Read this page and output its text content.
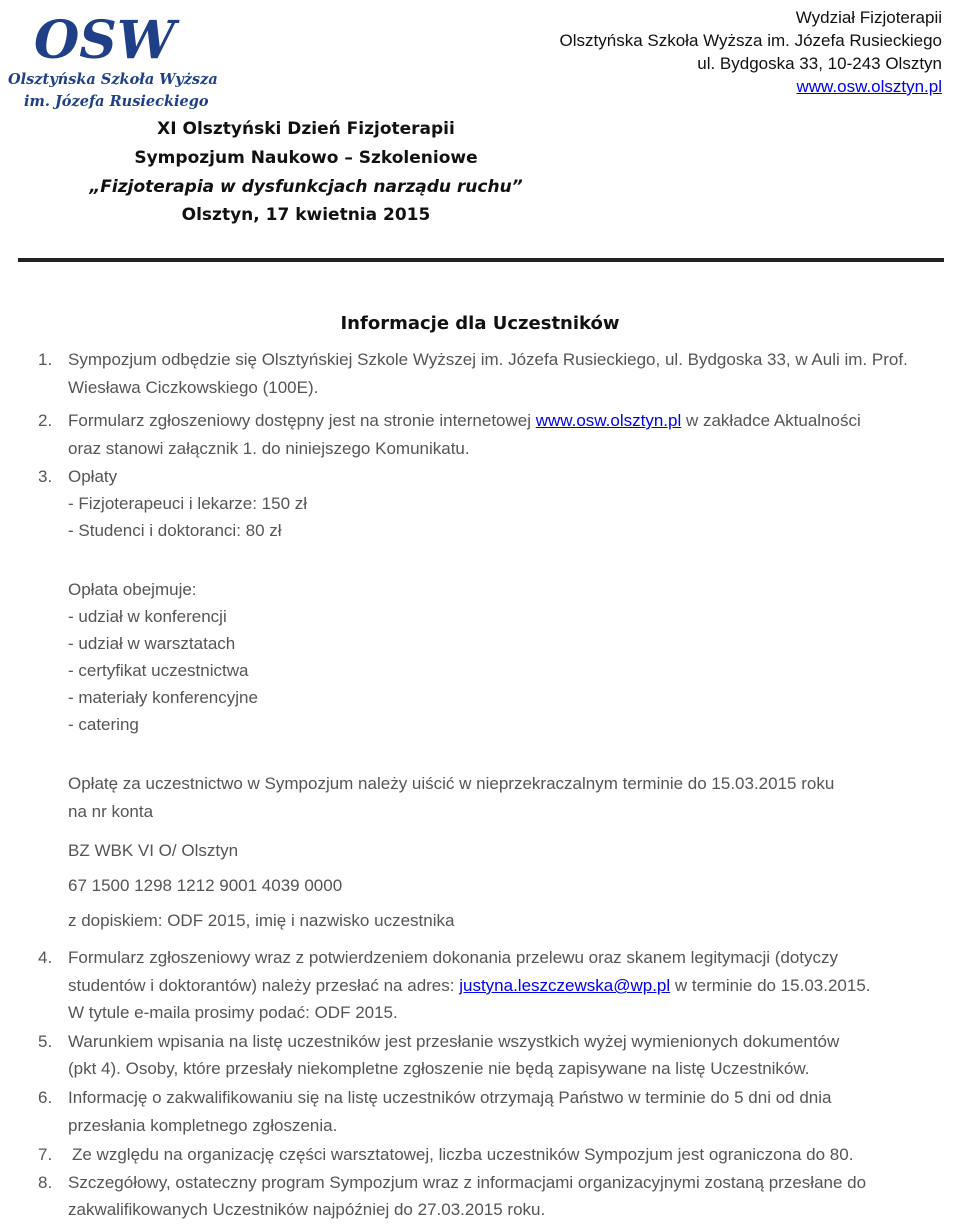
OSW
Olsztyńska Szkoła Wyższa
im. Józefa Rusieckiego
Wydział Fizjoterapii
Olsztyńska Szkoła Wyższa im. Józefa Rusieckiego
ul. Bydgoska 33, 10-243 Olsztyn
www.osw.olsztyn.pl
XI Olsztyński Dzień Fizjoterapii
Sympozjum Naukowo – Szkoleniowe
„Fizjoterapia w dysfunkcjach narządu ruchu”
Olsztyn, 17 kwietnia 2015
Informacje dla Uczestników
1. Sympozjum odbędzie się Olsztyńskiej Szkole Wyższej im. Józefa Rusieckiego, ul. Bydgoska 33, w Auli im. Prof.
Wiesława Ciczkowskiego (100E).
2. Formularz zgłoszeniowy dostępny jest na stronie internetowej www.osw.olsztyn.pl w zakładce Aktualności
oraz stanowi załącznik 1. do niniejszego Komunikatu.
3. Opłaty
- Fizjoterapeuci i lekarze: 150 zł
- Studenci i doktoranci: 80 zł
Opłata obejmuje:
- udział w konferencji
- udział w warsztatach
- certyfikat uczestnictwa
- materiały konferencyjne
- catering
Opłatę za uczestnictwo w Sympozjum należy uiścić w nieprzekraczalnym terminie do 15.03.2015 roku
na nr konta
BZ WBK VI O/ Olsztyn
67 1500 1298 1212 9001 4039 0000
z dopiskiem: ODF 2015, imię i nazwisko uczestnika
4. Formularz zgłoszeniowy wraz z potwierdzeniem dokonania przelewu oraz skanem legitymacji (dotyczy
studentów i doktorantów) należy przesłać na adres: justyna.leszczewska@wp.pl w terminie do 15.03.2015.
W tytule e-maila prosimy podać: ODF 2015.
5. Warunkiem wpisania na listę uczestników jest przesłanie wszystkich wyżej wymienionych dokumentów
(pkt 4). Osoby, które przesłały niekompletne zgłoszenie nie będą zapisywane na listę Uczestników.
6. Informację o zakwalifikowaniu się na listę uczestników otrzymają Państwo w terminie do 5 dni od dnia
przesłania kompletnego zgłoszenia.
7. Ze względu na organizację części warsztatowej, liczba uczestników Sympozjum jest ograniczona do 80.
8. Szczegółowy, ostateczny program Sympozjum wraz z informacjami organizacyjnymi zostaną przesłane do
zakwalifikowanych Uczestników najpóźniej do 27.03.2015 roku.
